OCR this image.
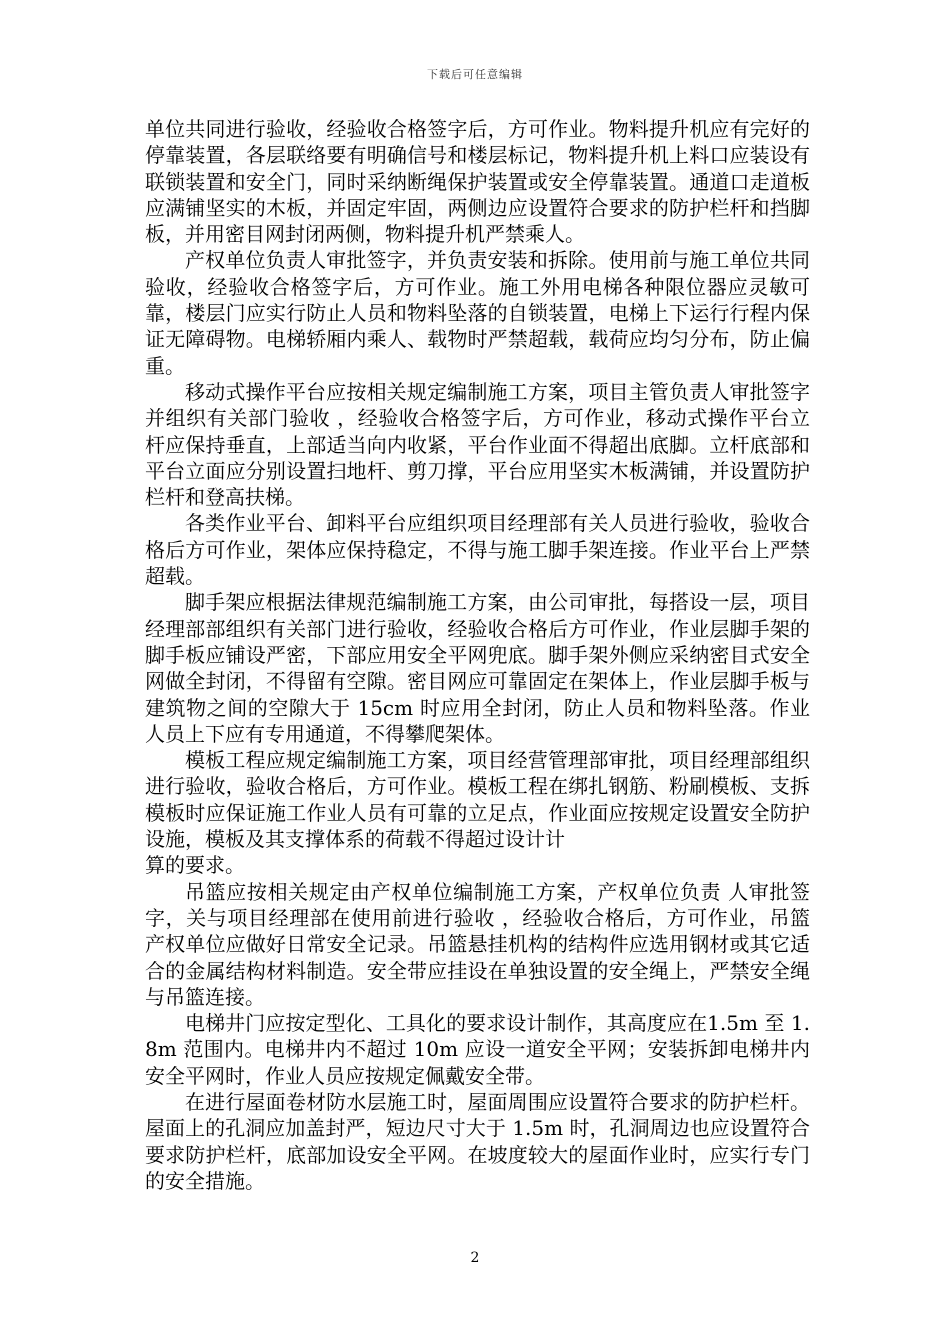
下载后可任意编辑

单位共同进行验收，经验收合格签字后，方可作业。物料提升机应有完好的停靠装置，各层联络要有明确信号和楼层标记，物料提升机上料口应装设有联锁装置和安全门，同时采纳断绳保护装置或安全停靠装置。通道口走道板应满铺坚实的木板，并固定牢固，两侧边应设置符合要求的防护栏杆和挡脚板，并用密目网封闭两侧，物料提升机严禁乘人。

产权单位负责人审批签字，并负责安装和拆除。使用前与施工单位共同验收，经验收合格签字后，方可作业。施工外用电梯各种限位器应灵敏可靠，楼层门应实行防止人员和物料坠落的自锁装置，电梯上下运行行程内保证无障碍物。电梯轿厢内乘人、载物时严禁超载，载荷应均匀分布，防止偏重。

移动式操作平台应按相关规定编制施工方案，项目主管负责人审批签字并组织有关部门验收 ，经验收合格签字后，方可作业，移动式操作平台立杆应保持垂直，上部适当向内收紧，平台作业面不得超出底脚。立杆底部和平台立面应分别设置扫地杆、剪刀撑，平台应用坚实木板满铺，并设置防护栏杆和登高扶梯。

各类作业平台、卸料平台应组织项目经理部有关人员进行验收，验收合格后方可作业，架体应保持稳定，不得与施工脚手架连接。作业平台上严禁超载。

脚手架应根据法律规范编制施工方案，由公司审批，每搭设一层，项目经理部部组织有关部门进行验收，经验收合格后方可作业，作业层脚手架的脚手板应铺设严密，下部应用安全平网兜底。脚手架外侧应采纳密目式安全网做全封闭，不得留有空隙。密目网应可靠固定在架体上，作业层脚手板与建筑物之间的空隙大于 15cm 时应用全封闭，防止人员和物料坠落。作业人员上下应有专用通道，不得攀爬架体。

模板工程应规定编制施工方案，项目经营管理部审批，项目经理部组织进行验收，验收合格后，方可作业。模板工程在绑扎钢筋、粉刷模板、支拆模板时应保证施工作业人员有可靠的立足点，作业面应按规定设置安全防护设施，模板及其支撑体系的荷载不得超过设计计

算的要求。

吊篮应按相关规定由产权单位编制施工方案，产权单位负责 人审批签字，关与项目经理部在使用前进行验收 ，经验收合格后，方可作业，吊篮产权单位应做好日常安全记录。吊篮悬挂机构的结构件应选用钢材或其它适合的金属结构材料制造。安全带应挂设在单独设置的安全绳上，严禁安全绳与吊篮连接。

电梯井门应按定型化、工具化的要求设计制作，其高度应在1.5m 至 1.8m 范围内。电梯井内不超过 10m 应设一道安全平网；安装拆卸电梯井内安全平网时，作业人员应按规定佩戴安全带。

在进行屋面卷材防水层施工时，屋面周围应设置符合要求的防护栏杆。屋面上的孔洞应加盖封严，短边尺寸大于 1.5m 时，孔洞周边也应设置符合要求防护栏杆，底部加设安全平网。在坡度较大的屋面作业时，应实行专门的安全措施。

2
